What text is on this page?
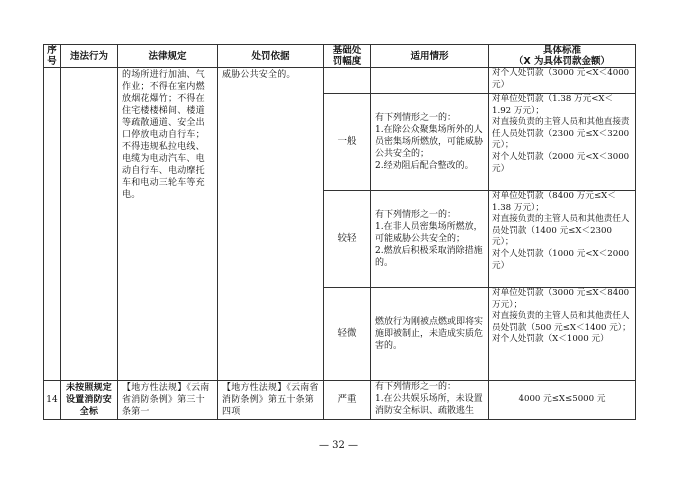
序
号	违法行为	法律规定	处罚依据	基础处
罚幅度	适用情形	具体标准
（X 为具体罚款金额）

		的场所进行加油、气作业；不得在室内燃放烟花爆竹；不得在住宅楼楼梯间、楼道等疏散通道、安全出口停放电动自行车；不得违规私拉电线、电缆为电动汽车、电动自行车、电动摩托车和电动三轮车等充电。	威胁公共安全的。			对个人处罚款（3000 元<X＜4000 元）

				一般	有下列情形之一的：
1.在除公众聚集场所外的人员密集场所燃放，可能威胁公共安全的；
2.经劝阻后配合整改的。	对单位处罚款（1.38 万元<X＜1.92 万元）；
对直接负责的主管人员和其他直接责任人员处罚款（2300 元≤X＜3200 元）；
对个人处罚款（2000 元<X＜3000 元）

				较轻	有下列情形之一的：
1.在非人员密集场所燃放，可能威胁公共安全的；
2.燃放后积极采取消除措施的。	对单位处罚款（8400 万元≤X＜1.38 万元）；
对直接负责的主管人员和其他责任人员处罚款（1400 元≤X＜2300 元）；
对个人处罚款（1000 元<X＜2000 元）

				轻微	燃放行为刚被点燃或即将实施即被制止，未造成实质危害的。	对单位处罚款（3000 元≤X＜8400 万元）；
对直接负责的主管人员和其他责任人员处罚款（500 元≤X＜1400 元）；
对个人处罚款（X＜1000 元）

14	未按照规定设置消防安全标	【地方性法规】《云南省消防条例》第三十条第一	【地方性法规】《云南省消防条例》第五十条第四项	严重	有下列情形之一的：
1.在公共娱乐场所，未设置消防安全标识、疏散逃生	4000 元≤X≤5000 元
— 32 —
